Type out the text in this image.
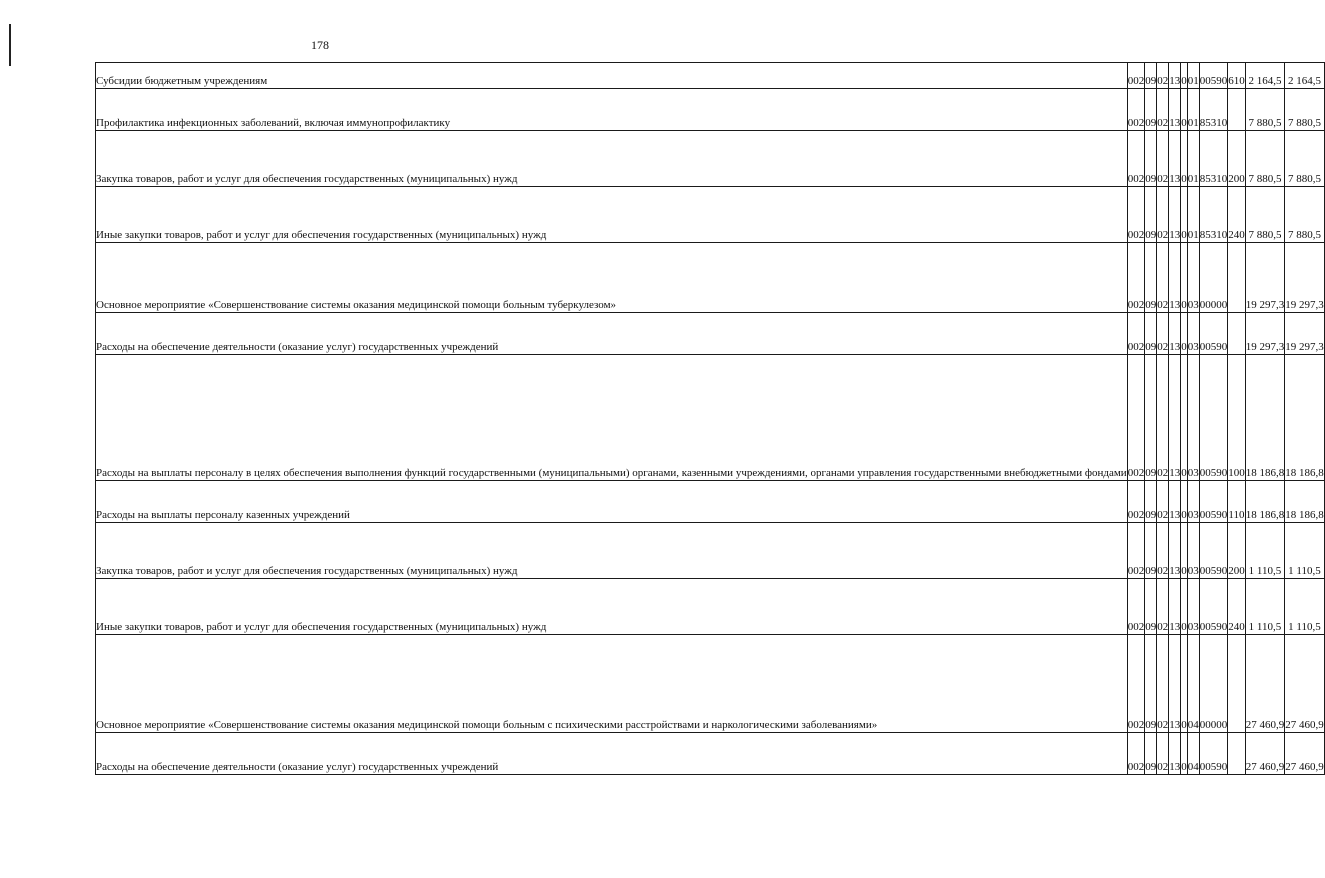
178
Субсидии бюджетным учреждениям	002	09	02	13	0	01	00590	610	2 164,5	2 164,5
Профилактика инфекционных заболеваний, включая иммунопрофилактику	002	09	02	13	0	01	85310		7 880,5	7 880,5
Закупка товаров, работ и услуг для обеспечения государственных (муниципальных) нужд	002	09	02	13	0	01	85310	200	7 880,5	7 880,5
Иные закупки товаров, работ и услуг для обеспечения государственных (муниципальных) нужд	002	09	02	13	0	01	85310	240	7 880,5	7 880,5
Основное мероприятие «Совершенствование системы оказания медицинской помощи больным туберкулезом»	002	09	02	13	0	03	00000		19 297,3	19 297,3
Расходы на обеспечение деятельности (оказание услуг) государственных учреждений	002	09	02	13	0	03	00590		19 297,3	19 297,3
Расходы на выплаты персоналу в целях обеспечения выполнения функций государственными (муниципальными) органами, казенными учреждениями, органами управления государственными внебюджетными фондами	002	09	02	13	0	03	00590	100	18 186,8	18 186,8
Расходы на выплаты персоналу казенных учреждений	002	09	02	13	0	03	00590	110	18 186,8	18 186,8
Закупка товаров, работ и услуг для обеспечения государственных (муниципальных) нужд	002	09	02	13	0	03	00590	200	1 110,5	1 110,5
Иные закупки товаров, работ и услуг для обеспечения государственных (муниципальных) нужд	002	09	02	13	0	03	00590	240	1 110,5	1 110,5
Основное мероприятие «Совершенствование системы оказания медицинской помощи больным с психическими расстройствами и наркологическими заболеваниями»	002	09	02	13	0	04	00000		27 460,9	27 460,9
Расходы на обеспечение деятельности (оказание услуг) государственных учреждений	002	09	02	13	0	04	00590		27 460,9	27 460,9
